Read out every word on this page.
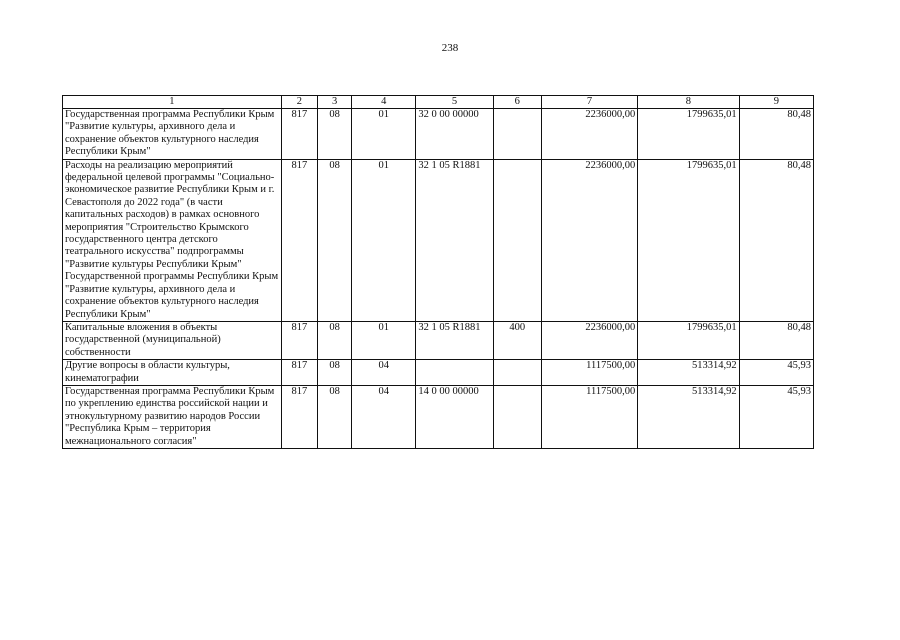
238
1	2	3	4	5	6	7	8	9
Государственная программа Республики Крым "Развитие культуры, архивного дела и сохранение объектов культурного наследия Республики Крым"	817	08	01	32 0 00 00000		2236000,00	1799635,01	80,48
Расходы на реализацию мероприятий федеральной целевой программы "Социально-экономическое развитие Республики Крым и г. Севастополя до 2022 года" (в части капитальных расходов) в рамках основного мероприятия "Строительство Крымского государственного центра детского театрального искусства" подпрограммы "Развитие культуры Республики Крым" Государственной программы Республики Крым "Развитие культуры, архивного дела и сохранение объектов культурного наследия Республики Крым"	817	08	01	32 1 05 R1881		2236000,00	1799635,01	80,48
Капитальные вложения в объекты государственной (муниципальной) собственности	817	08	01	32 1 05 R1881	400	2236000,00	1799635,01	80,48
Другие вопросы в области культуры, кинематографии	817	08	04			1117500,00	513314,92	45,93
Государственная программа Республики Крым по укреплению единства российской нации и этнокультурному развитию народов России "Республика Крым – территория межнационального согласия"	817	08	04	14 0 00 00000		1117500,00	513314,92	45,93
